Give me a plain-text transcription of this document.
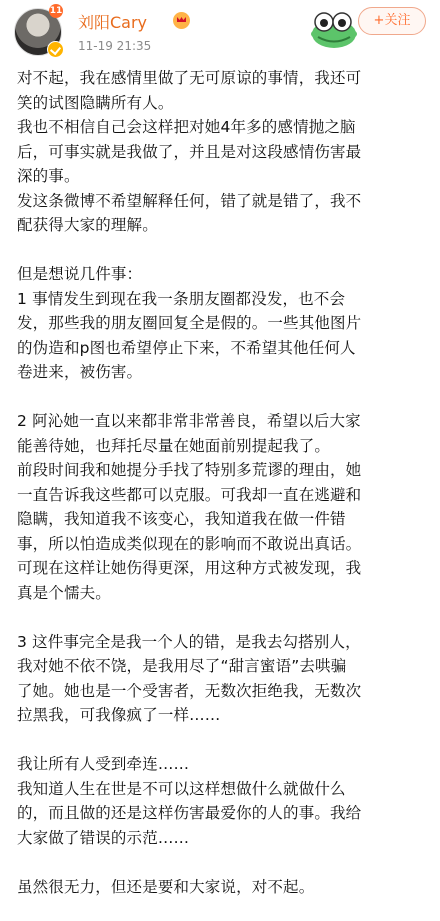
11
刘阳Cary
11-19 21:35
+关注

对不起，我在感情里做了无可原谅的事情，我还可
笑的试图隐瞒所有人。
我也不相信自己会这样把对她4年多的感情抛之脑
后，可事实就是我做了，并且是对这段感情伤害最
深的事。
发这条微博不希望解释任何，错了就是错了，我不
配获得大家的理解。

但是想说几件事：
1 事情发生到现在我一条朋友圈都没发，也不会
发，那些我的朋友圈回复全是假的。一些其他图片
的伪造和p图也希望停止下来，不希望其他任何人
卷进来，被伤害。

2 阿沁她一直以来都非常非常善良，希望以后大家
能善待她，也拜托尽量在她面前别提起我了。
前段时间我和她提分手找了特别多荒谬的理由，她
一直告诉我这些都可以克服。可我却一直在逃避和
隐瞒，我知道我不该变心，我知道我在做一件错
事，所以怕造成类似现在的影响而不敢说出真话。
可现在这样让她伤得更深，用这种方式被发现，我
真是个懦夫。

3 这件事完全是我一个人的错，是我去勾搭别人，
我对她不依不饶，是我用尽了“甜言蜜语”去哄骗
了她。她也是一个受害者，无数次拒绝我，无数次
拉黑我，可我像疯了一样……

我让所有人受到牵连……
我知道人生在世是不可以这样想做什么就做什么
的，而且做的还是这样伤害最爱你的人的事。我给
大家做了错误的示范……

虽然很无力，但还是要和大家说，对不起。
